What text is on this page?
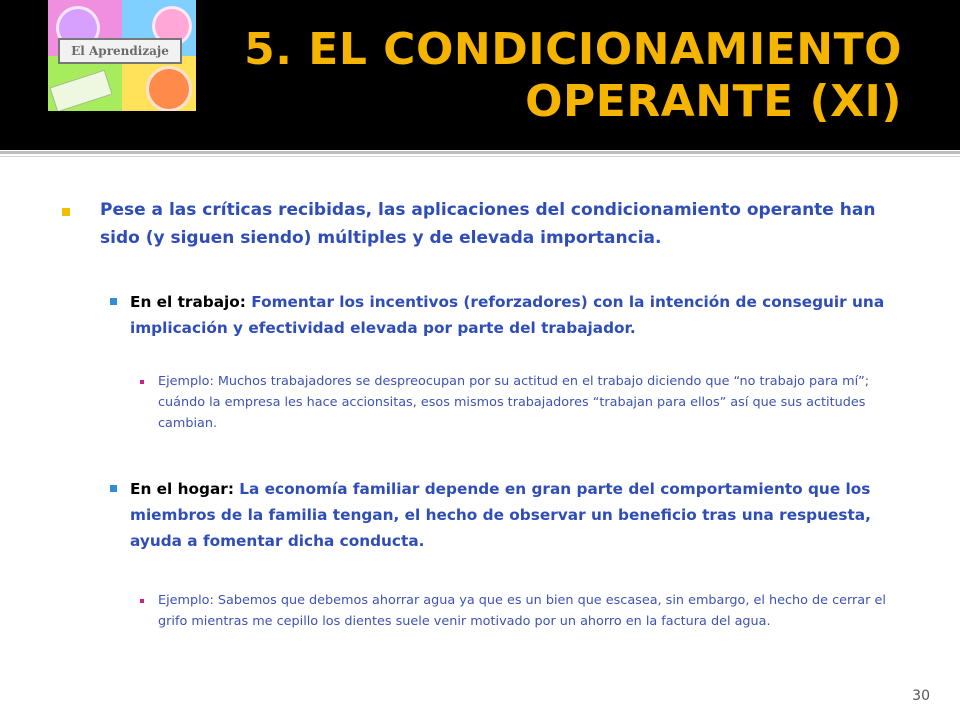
El Aprendizaje	5. EL CONDICIONAMIENTO
OPERANTE (XI)
Pese a las críticas recibidas, las aplicaciones del condicionamiento operante han sido (y siguen siendo) múltiples y de elevada importancia.
En el trabajo: Fomentar los incentivos (reforzadores) con la intención de conseguir una implicación y efectividad elevada por parte del trabajador.
Ejemplo: Muchos trabajadores se despreocupan por su actitud en el trabajo diciendo que “no trabajo para mí”; cuándo la empresa les hace accionsitas, esos mismos trabajadores “trabajan para ellos” así que sus actitudes cambian.
En el hogar: La economía familiar depende en gran parte del comportamiento que los miembros de la familia tengan, el hecho de observar un beneficio tras una respuesta, ayuda a fomentar dicha conducta.
Ejemplo: Sabemos que debemos ahorrar agua ya que es un bien que escasea, sin embargo, el hecho de cerrar el grifo mientras me cepillo los dientes suele venir motivado por un ahorro en la factura del agua.
30
